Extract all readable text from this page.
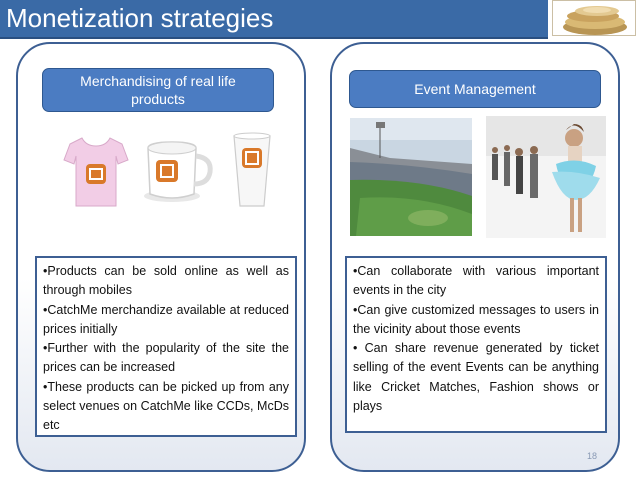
Monetization strategies
Merchandising of real life products

•Products can be sold online as well as through mobiles

•CatchMe merchandize available at reduced prices initially

•Further with the popularity of the site the prices can be increased

•These products can be picked up from any select venues on CatchMe like CCDs, McDs etc

Event Management

•Can collaborate with various important events in the city

•Can give customized messages to users in the vicinity about those events

• Can share revenue generated by ticket selling of the event Events can be anything like Cricket Matches, Fashion shows or plays

18
